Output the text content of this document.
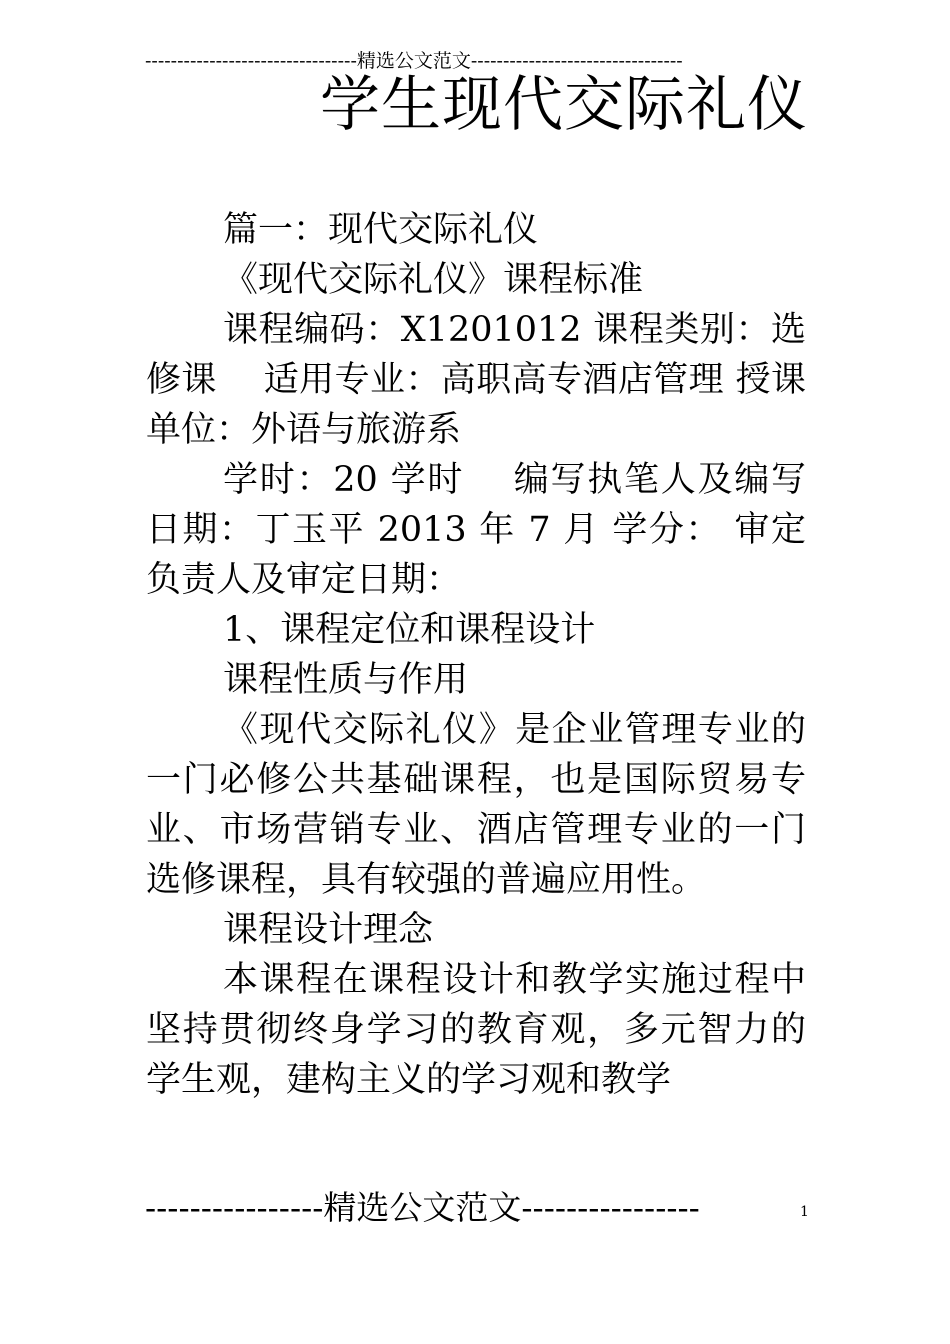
---------------------------------精选公文范文---------------------------------
学生现代交际礼仪

篇一：现代交际礼仪

《现代交际礼仪》课程标准

课程编码：X1201012 课程类别：选修课　 适用专业：高职高专酒店管理 授课单位：外语与旅游系

学时：20 学时　 编写执笔人及编写日期：丁玉平 2013 年 7 月 学分： 审定负责人及审定日期：

1、课程定位和课程设计

课程性质与作用

《现代交际礼仪》是企业管理专业的一门必修公共基础课程，也是国际贸易专业、市场营销专业、酒店管理专业的一门选修课程，具有较强的普遍应用性。

课程设计理念

本课程在课程设计和教学实施过程中坚持贯彻终身学习的教育观，多元智力的学生观，建构主义的学习观和教学

----------------精选公文范文----------------	1
